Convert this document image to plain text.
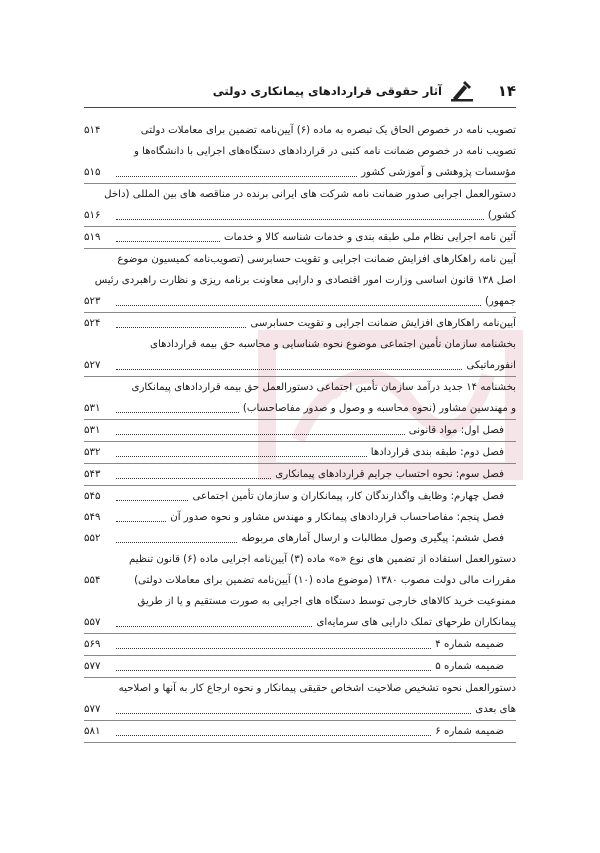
۱۴
آثار حقوقی قراردادهای پیمانکاری دولتی
تصویب نامه در خصوص الحاق یک تبصره به ماده (۶) آیین‌نامه تضمین برای معاملات دولتی
۵۱۴
تصویب نامه در خصوص ضمانت نامه کتبی در قراردادهای دستگاه‌های اجرایی با دانشگاه‌ها و
مؤسسات پژوهشی و آموزشی کشور
۵۱۵
دستورالعمل اجرایی صدور ضمانت نامه شرکت های ایرانی برنده در مناقصه های بین المللی (داخل
کشور)
۵۱۶
آئین نامه اجرایی نظام ملی طبقه بندی و خدمات شناسه کالا و خدمات
۵۱۹
آیین نامه راهکارهای افزایش ضمانت اجرایی و تقویت حسابرسی (تصویب‌نامه کمیسیون موضوع
اصل ۱۳۸ قانون اساسی وزارت امور اقتصادی و دارایی معاونت برنامه ریزی و نظارت راهبردی رئیس
جمهور)
۵۲۳
آیین‌نامه راهکارهای افزایش ضمانت اجرایی و تقویت حسابرسی
۵۲۴
بخشنامه سازمان تأمین اجتماعی موضوع نحوه شناسایی و محاسبه حق بیمه قراردادهای
انفورماتیکی
۵۲۷
بخشنامه ۱۴ جدید درآمد سازمان تأمین اجتماعی دستورالعمل حق بیمه قراردادهای پیمانکاری
و مهندسین مشاور (نحوه محاسبه و وصول و صدور مفاصاحساب)
۵۳۱
فصل اول: مواد قانونی
۵۳۱
فصل دوم: طبقه بندی قراردادها
۵۳۲
فصل سوم: نحوه احتساب جرایم قراردادهای پیمانکاری
۵۴۳
فصل چهارم: وظایف واگذارندگان کار، پیمانکاران و سازمان تأمین اجتماعی
۵۴۵
فصل پنجم: مفاصاحساب قراردادهای پیمانکار و مهندس مشاور و نحوه صدور آن
۵۴۹
فصل ششم: پیگیری وصول مطالبات و ارسال آمارهای مربوطه
۵۵۲
دستورالعمل استفاده از تضمین های نوع «ه» ماده (۳) آیین‌نامه اجرایی ماده (۶) قانون تنظیم
مقررات مالی دولت مصوب ۱۳۸۰ (موضوع ماده (۱۰) آیین‌نامه تضمین برای معاملات دولتی)
۵۵۴
ممنوعیت خرید کالاهای خارجی توسط دستگاه های اجرایی به صورت مستقیم و یا از طریق
پیمانکاران طرحهای تملک دارایی های سرمایه‌ای
۵۵۷
ضمیمه شماره ۴
۵۶۹
ضمیمه شماره ۵
۵۷۷
دستورالعمل نحوه تشخیص صلاحیت اشخاص حقیقی پیمانکار و نحوه ارجاع کار به آنها و اصلاحیه
های بعدی
۵۷۷
ضمیمه شماره ۶
۵۸۱
